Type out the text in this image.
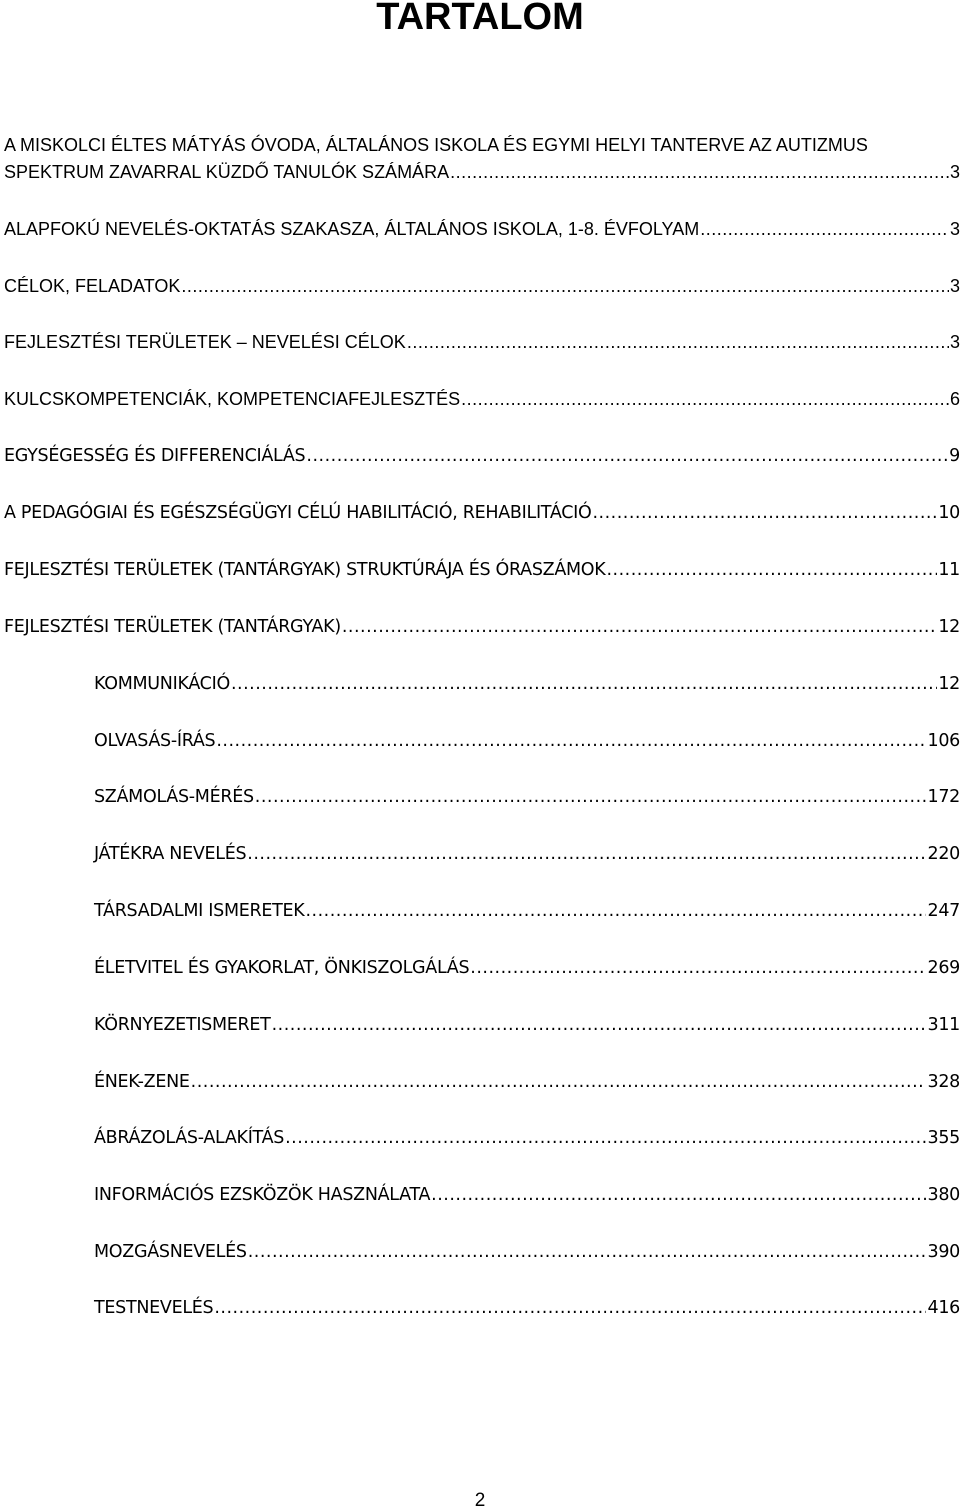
TARTALOM
A MISKOLCI ÉLTES MÁTYÁS ÓVODA, ÁLTALÁNOS ISKOLA ÉS EGYMI HELYI TANTERVE AZ AUTIZMUS
SPEKTRUM ZAVARRAL KÜZDŐ TANULÓK SZÁMÁRA .....	3
ALAPFOKÚ NEVELÉS-OKTATÁS SZAKASZA, ÁLTALÁNOS ISKOLA, 1-8. ÉVFOLYAM .....	3
CÉLOK, FELADATOK .....	3
FEJLESZTÉSI TERÜLETEK – NEVELÉSI CÉLOK .....	3
KULCSKOMPETENCIÁK, KOMPETENCIAFEJLESZTÉS .....	6
EGYSÉGESSÉG ÉS DIFFERENCIÁLÁS .....	9
A PEDAGÓGIAI ÉS EGÉSZSÉGÜGYI CÉLÚ HABILITÁCIÓ, REHABILITÁCIÓ .....	10
FEJLESZTÉSI TERÜLETEK (TANTÁRGYAK) STRUKTÚRÁJA ÉS ÓRASZÁMOK .....	11
FEJLESZTÉSI TERÜLETEK (TANTÁRGYAK) .....	12
KOMMUNIKÁCIÓ .....	12
OLVASÁS-ÍRÁS .....	106
SZÁMOLÁS-MÉRÉS .....	172
JÁTÉKRA NEVELÉS .....	220
TÁRSADALMI ISMERETEK .....	247
ÉLETVITEL ÉS GYAKORLAT, ÖNKISZOLGÁLÁS .....	269
KÖRNYEZETISMERET .....	311
ÉNEK-ZENE .....	328
ÁBRÁZOLÁS-ALAKÍTÁS .....	355
INFORMÁCIÓS EZSKÖZÖK HASZNÁLATA .....	380
MOZGÁSNEVELÉS .....	390
TESTNEVELÉS .....	416
2
